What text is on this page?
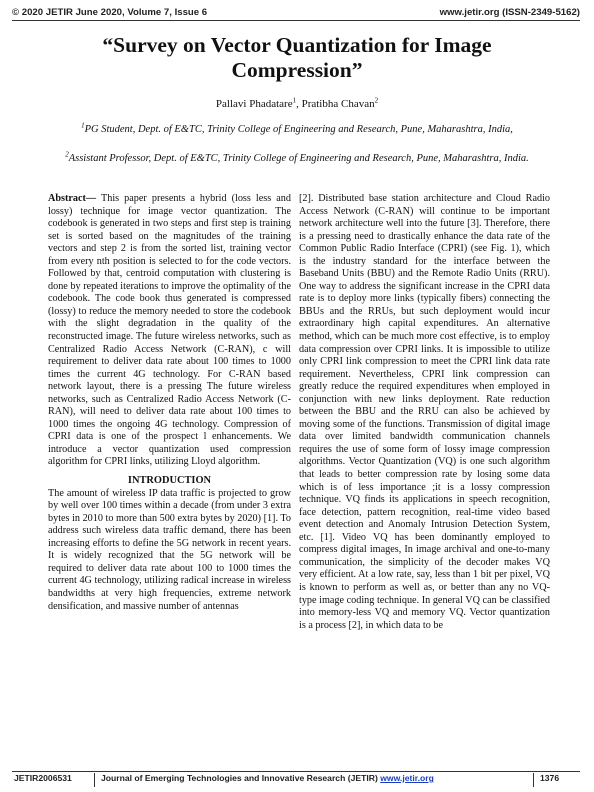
© 2020 JETIR June 2020, Volume 7, Issue 6	www.jetir.org (ISSN-2349-5162)
“Survey on Vector Quantization for Image Compression”
Pallavi Phadatare$^1$, Pratibha Chavan$^2$
$^1$PG Student, Dept. of E&TC, Trinity College of Engineering and Research, Pune, Maharashtra, India,
$^2$Assistant Professor, Dept. of E&TC, Trinity College of Engineering and Research, Pune, Maharashtra, India.

Abstract— This paper presents a hybrid (loss less and lossy) technique for image vector quantization. The codebook is generated in two steps and first step is training set is sorted based on the magnitudes of the training vectors and step 2 is from the sorted list, training vector from every nth position is selected to for the code vectors. Followed by that, centroid computation with clustering is done by repeated iterations to improve the optimality of the codebook. The code book thus generated is compressed (lossy) to reduce the memory needed to store the codebook with the slight degradation in the quality of the reconstructed image. The future wireless networks, such as Centralized Radio Access Network (C-RAN), c will requirement to deliver data rate about 100 times to 1000 times the current 4G technology. For C-RAN based network layout, there is a pressing The future wireless networks, such as Centralized Radio Access Network (C-RAN), will need to deliver data rate about 100 times to 1000 times the ongoing 4G technology. Compression of CPRI data is one of the prospect l enhancements. We introduce a vector quantization used compression algorithm for CPRI links, utilizing Lloyd algorithm.

INTRODUCTION

The amount of wireless IP data traffic is projected to grow by well over 100 times within a decade (from under 3 extra bytes in 2010 to more than 500 extra bytes by 2020) [1]. To address such wireless data traffic demand, there has been increasing efforts to define the 5G network in recent years. It is widely recognized that the 5G network will be required to deliver data rate about 100 to 1000 times the current 4G technology, utilizing radical increase in wireless bandwidths at very high frequencies, extreme network densification, and massive number of antennas

[2]. Distributed base station architecture and Cloud Radio Access Network (C-RAN) will continue to be important network architecture well into the future [3]. Therefore, there is a pressing need to drastically enhance the data rate of the Common Public Radio Interface (CPRI) (see Fig. 1), which is the industry standard for the interface between the Baseband Units (BBU) and the Remote Radio Units (RRU). One way to address the significant increase in the CPRI data rate is to deploy more links (typically fibers) connecting the BBUs and the RRUs, but such deployment would incur extraordinary high capital expenditures. An alternative method, which can be much more cost effective, is to employ data compression over CPRI links. It is impossible to utilize only CPRI link compression to meet the CPRI link data rate requirement. Nevertheless, CPRI link compression can greatly reduce the required expenditures when employed in conjunction with new links deployment. Rate reduction between the BBU and the RRU can also be achieved by moving some of the functions. Transmission of digital image data over limited bandwidth communication channels requires the use of some form of lossy image compression algorithms. Vector Quantization (VQ) is one such algorithm that leads to better compression rate by losing some data which is of less importance ;it is a lossy compression technique. VQ finds its applications in speech recognition, face detection, pattern recognition, real-time video based event detection and Anomaly Intrusion Detection System, etc. [1]. Video VQ has been dominantly employed to compress digital images, In image archival and one-to-many communication, the simplicity of the decoder makes VQ very efficient. At a low rate, say, less than 1 bit per pixel, VQ is known to perform as well as, or better than any no VQ- type image coding technique. In general VQ can be classified into memory-less VQ and memory VQ. Vector quantization is a process [2], in which data to be

JETIR2006531	Journal of Emerging Technologies and Innovative Research (JETIR) www.jetir.org	1376
